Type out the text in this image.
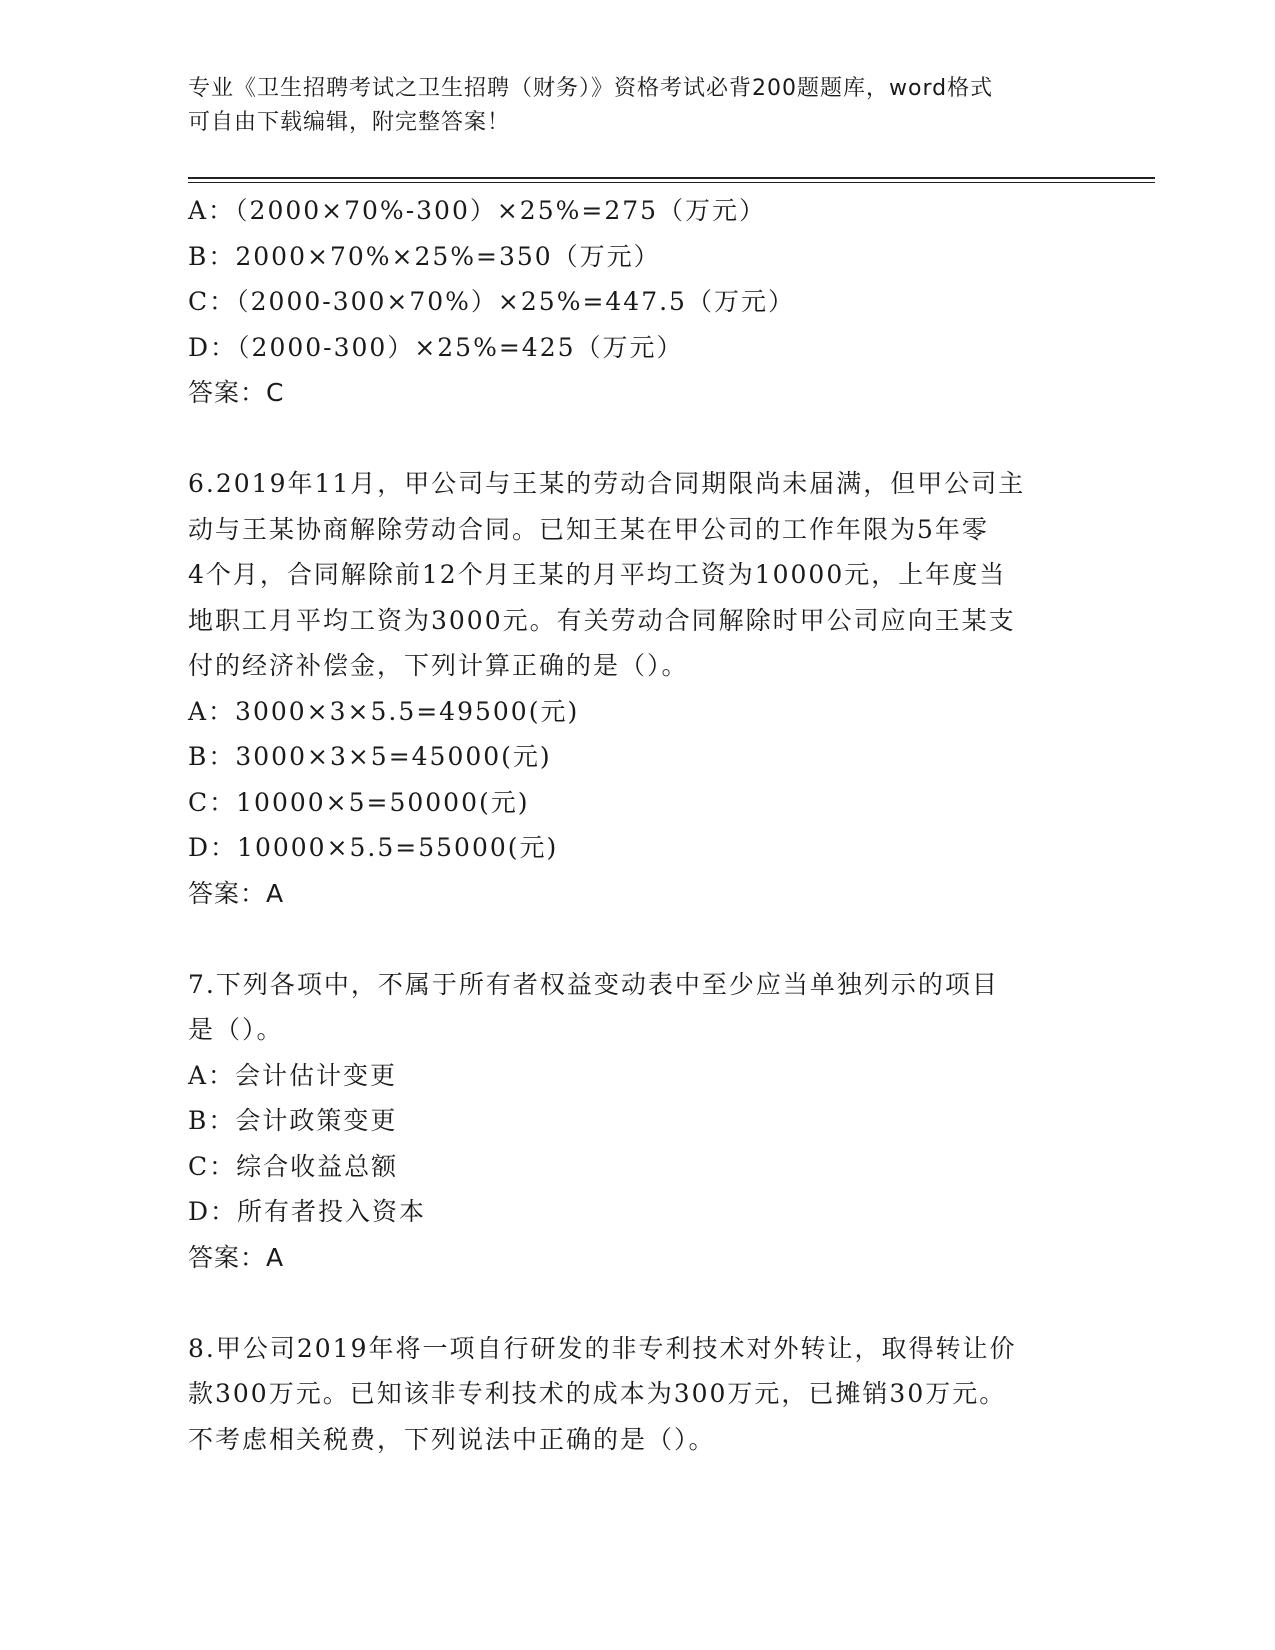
专业《卫生招聘考试之卫生招聘（财务）》资格考试必背200题题库，word格式
可自由下载编辑，附完整答案！
A：（2000×70%-300）×25%=275（万元）
B：2000×70%×25%=350（万元）
C：（2000-300×70%）×25%=447.5（万元）
D：（2000-300）×25%=425（万元）
答案：C
6.2019年11月，甲公司与王某的劳动合同期限尚未届满，但甲公司主
动与王某协商解除劳动合同。已知王某在甲公司的工作年限为5年零
4个月，合同解除前12个月王某的月平均工资为10000元，上年度当
地职工月平均工资为3000元。有关劳动合同解除时甲公司应向王某支
付的经济补偿金，下列计算正确的是（）。
A：3000×3×5.5=49500(元)
B：3000×3×5=45000(元)
C：10000×5=50000(元)
D：10000×5.5=55000(元)
答案：A
7.下列各项中，不属于所有者权益变动表中至少应当单独列示的项目
是（）。
A：会计估计变更
B：会计政策变更
C：综合收益总额
D：所有者投入资本
答案：A
8.甲公司2019年将一项自行研发的非专利技术对外转让，取得转让价
款300万元。已知该非专利技术的成本为300万元，已摊销30万元。
不考虑相关税费，下列说法中正确的是（）。
